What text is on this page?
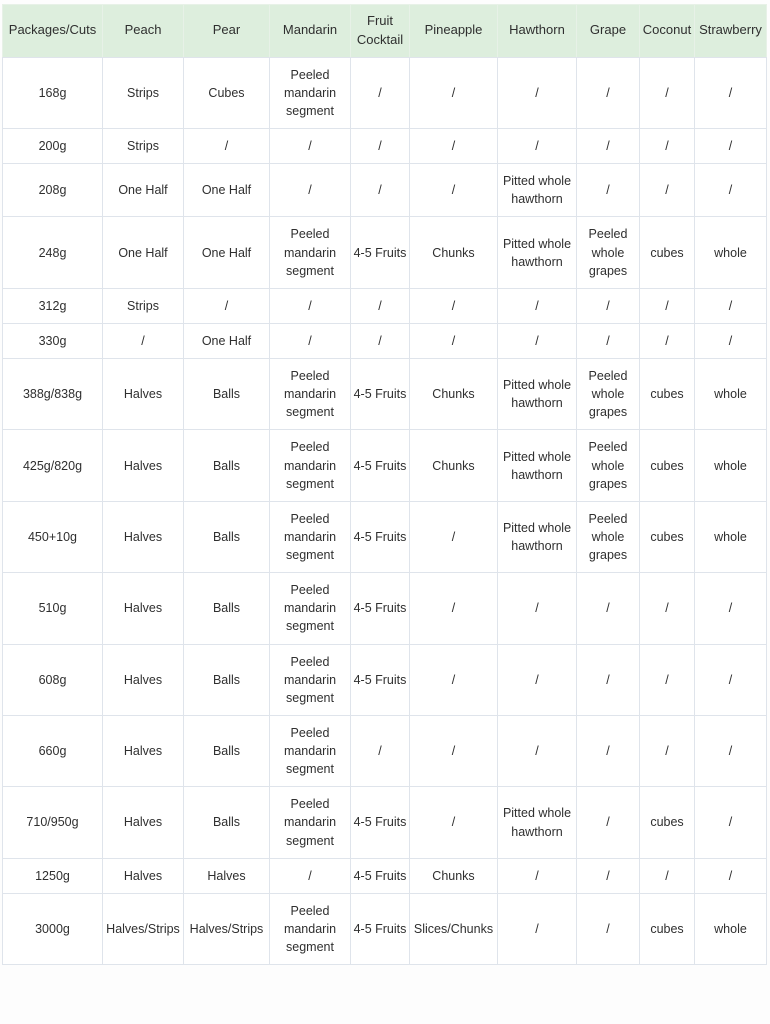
Packages/Cuts	Peach	Pear	Mandarin	Fruit Cocktail	Pineapple	Hawthorn	Grape	Coconut	Strawberry
168g	Strips	Cubes	Peeled mandarin segment	/	/	/	/	/	/
200g	Strips	/	/	/	/	/	/	/	/
208g	One Half	One Half	/	/	/	Pitted whole hawthorn	/	/	/
248g	One Half	One Half	Peeled mandarin segment	4-5 Fruits	Chunks	Pitted whole hawthorn	Peeled whole grapes	cubes	whole
312g	Strips	/	/	/	/	/	/	/	/
330g	/	One Half	/	/	/	/	/	/	/
388g/838g	Halves	Balls	Peeled mandarin segment	4-5 Fruits	Chunks	Pitted whole hawthorn	Peeled whole grapes	cubes	whole
425g/820g	Halves	Balls	Peeled mandarin segment	4-5 Fruits	Chunks	Pitted whole hawthorn	Peeled whole grapes	cubes	whole
450+10g	Halves	Balls	Peeled mandarin segment	4-5 Fruits	/	Pitted whole hawthorn	Peeled whole grapes	cubes	whole
510g	Halves	Balls	Peeled mandarin segment	4-5 Fruits	/	/	/	/	/
608g	Halves	Balls	Peeled mandarin segment	4-5 Fruits	/	/	/	/	/
660g	Halves	Balls	Peeled mandarin segment	/	/	/	/	/	/
710/950g	Halves	Balls	Peeled mandarin segment	4-5 Fruits	/	Pitted whole hawthorn	/	cubes	/
1250g	Halves	Halves	/	4-5 Fruits	Chunks	/	/	/	/
3000g	Halves/Strips	Halves/Strips	Peeled mandarin segment	4-5 Fruits	Slices/Chunks	/	/	cubes	whole
